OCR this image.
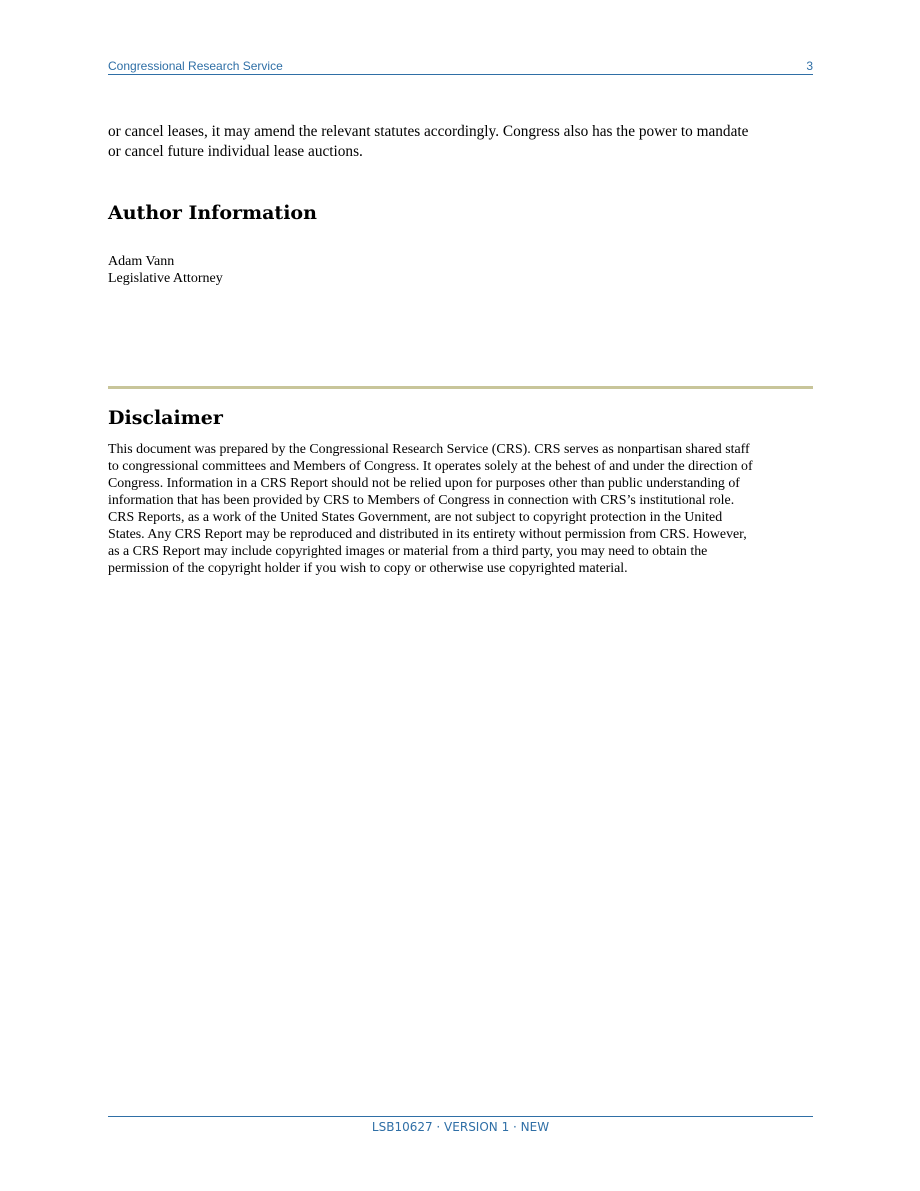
Congressional Research Service	3

or cancel leases, it may amend the relevant statutes accordingly. Congress also has the power to mandate
or cancel future individual lease auctions.

Author Information
Adam Vann
Legislative Attorney
Disclaimer

This document was prepared by the Congressional Research Service (CRS). CRS serves as nonpartisan shared staff
to congressional committees and Members of Congress. It operates solely at the behest of and under the direction of
Congress. Information in a CRS Report should not be relied upon for purposes other than public understanding of
information that has been provided by CRS to Members of Congress in connection with CRS’s institutional role.
CRS Reports, as a work of the United States Government, are not subject to copyright protection in the United
States. Any CRS Report may be reproduced and distributed in its entirety without permission from CRS. However,
as a CRS Report may include copyrighted images or material from a third party, you may need to obtain the
permission of the copyright holder if you wish to copy or otherwise use copyrighted material.

LSB10627 · VERSION 1 · NEW
